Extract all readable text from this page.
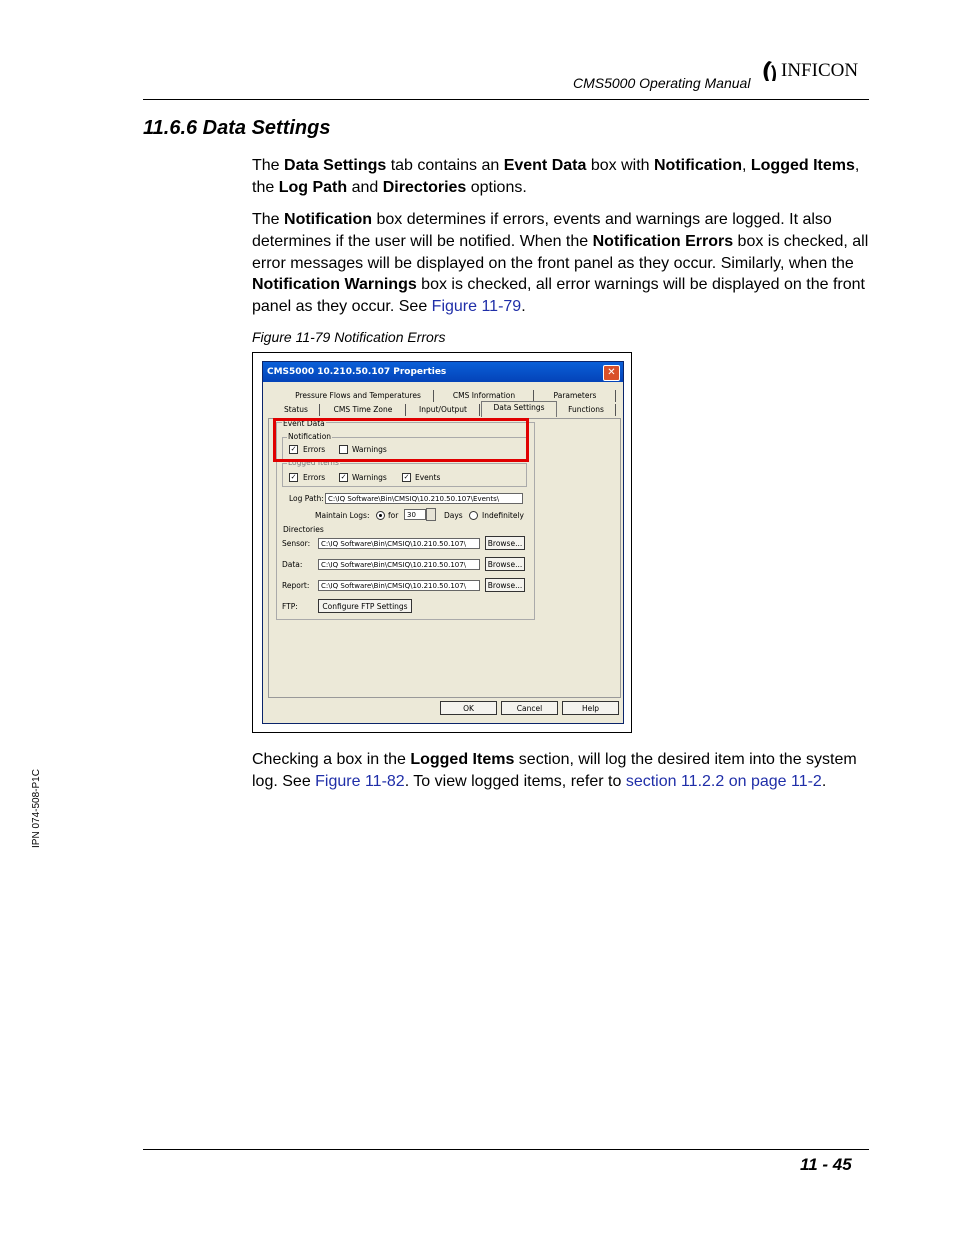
CMS5000 Operating Manual
INFICON
11.6.6 Data Settings
The Data Settings tab contains an Event Data box with Notification, Logged Items, the Log Path and Directories options.
The Notification box determines if errors, events and warnings are logged. It also determines if the user will be notified. When the Notification Errors box is checked, all error messages will be displayed on the front panel as they occur. Similarly, when the Notification Warnings box is checked, all error warnings will be displayed on the front panel as they occur. See Figure 11-79.
Figure 11-79 Notification Errors
CMS5000 10.210.50.107 Properties	✕
Pressure Flows and Temperatures	CMS Information	Parameters
Status	CMS Time Zone	Input/Output	Data Settings	Functions
Event Data
Notification
✓ Errors	Warnings
Logged Items
✓ Errors ✓ Warnings ✓ Events
Log Path: C:\IQ Software\Bin\CMSIQ\10.210.50.107\Events\
Maintain Logs: for	30	Days	Indefinitely
Directories
Sensor:	C:\IQ Software\Bin\CMSIQ\10.210.50.107\	Browse...
Data:	C:\IQ Software\Bin\CMSIQ\10.210.50.107\	Browse...
Report:	C:\IQ Software\Bin\CMSIQ\10.210.50.107\	Browse...
FTP:	Configure FTP Settings
OK	Cancel	Help
Checking a box in the Logged Items section, will log the desired item into the system log. See Figure 11-82. To view logged items, refer to section 11.2.2 on page 11-2.
IPN 074-508-P1C
11 - 45
